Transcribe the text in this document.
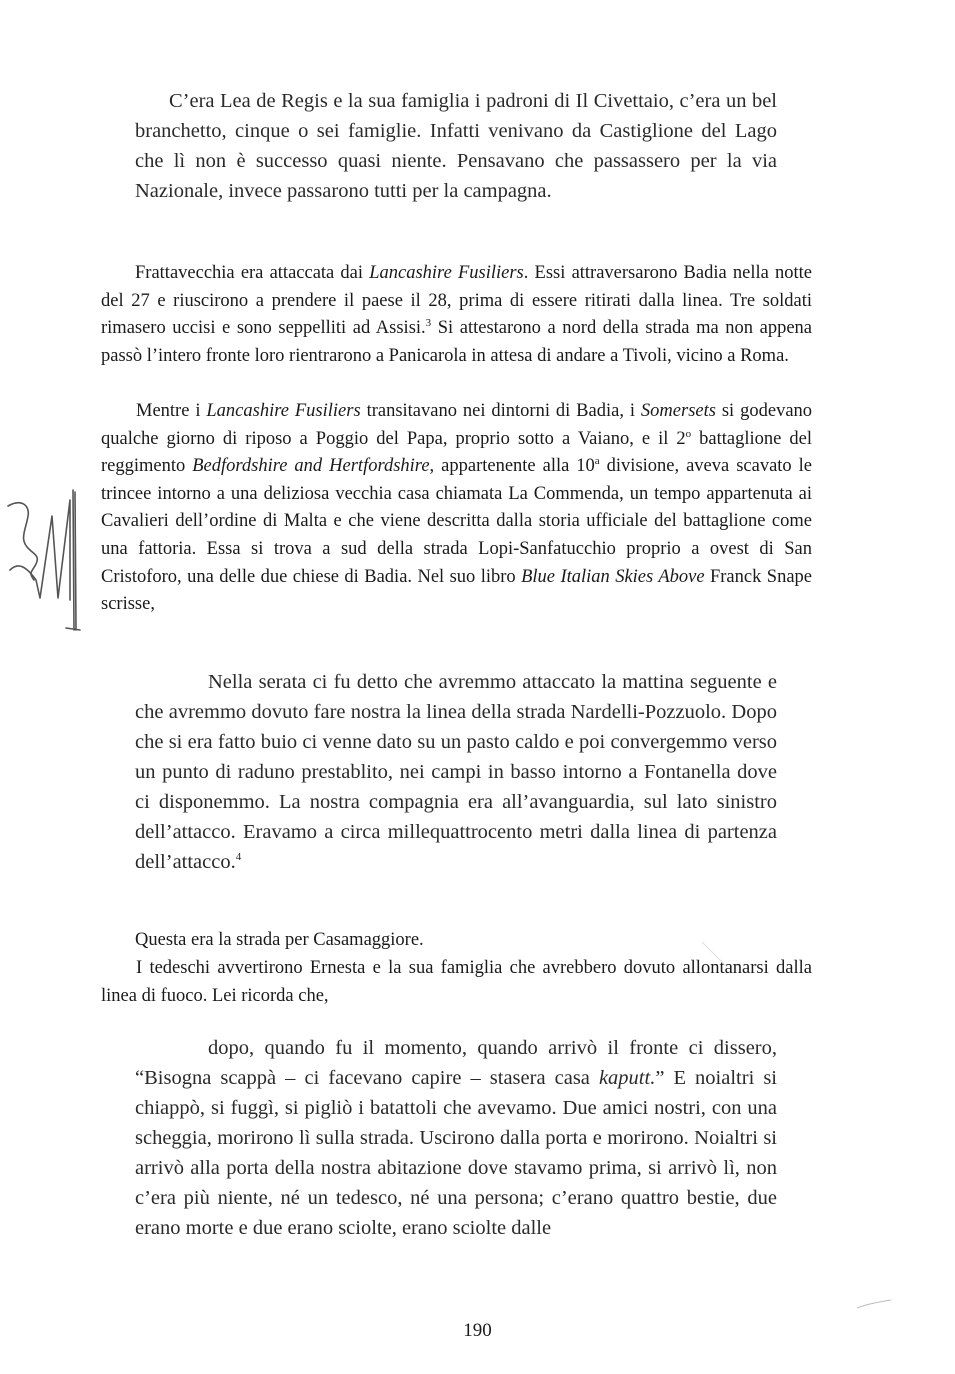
C’era Lea de Regis e la sua famiglia i padroni di Il Civettaio, c’era un bel branchetto, cinque o sei famiglie. Infatti venivano da Castiglione del Lago che lì non è successo quasi niente. Pensavano che passassero per la via Nazionale, invece passarono tutti per la campagna.

Frattavecchia era attaccata dai Lancashire Fusiliers. Essi attraversarono Badia nella notte del 27 e riuscirono a prendere il paese il 28, prima di essere ritirati dalla linea. Tre soldati rimasero uccisi e sono seppelliti ad Assisi.$^3$ Si attestarono a nord della strada ma non appena passò l’intero fronte loro rientrarono a Panicarola in attesa di andare a Tivoli, vicino a Roma.

Mentre i Lancashire Fusiliers transitavano nei dintorni di Badia, i Somersets si godevano qualche giorno di riposo a Poggio del Papa, proprio sotto a Vaiano, e il 2$^o$ battaglione del reggimento Bedfordshire and Hertfordshire, appartenente alla 10$^a$ divisione, aveva scavato le trincee intorno a una deliziosa vecchia casa chiamata La Commenda, un tempo appartenuta ai Cavalieri dell’ordine di Malta e che viene descritta dalla storia ufficiale del battaglione come una fattoria. Essa si trova a sud della strada Lopi-Sanfatucchio proprio a ovest di San Cristoforo, una delle due chiese di Badia. Nel suo libro Blue Italian Skies Above Franck Snape scrisse,

Nella serata ci fu detto che avremmo attaccato la mattina seguente e che avremmo dovuto fare nostra la linea della strada Nardelli-Pozzuolo. Dopo che si era fatto buio ci venne dato su un pasto caldo e poi convergemmo verso un punto di raduno prestablito, nei campi in basso intorno a Fontanella dove ci disponemmo. La nostra compagnia era all’avanguardia, sul lato sinistro dell’attacco. Eravamo a circa millequattrocento metri dalla linea di partenza dell’attacco.$^4$

Questa era la strada per Casamaggiore.

I tedeschi avvertirono Ernesta e la sua famiglia che avrebbero dovuto allontanarsi dalla linea di fuoco. Lei ricorda che,

dopo, quando fu il momento, quando arrivò il fronte ci dissero, “Bisogna scappà – ci facevano capire – stasera casa kaputt.” E noialtri si chiappò, si fuggì, si pigliò i batattoli che avevamo. Due amici nostri, con una scheggia, morirono lì sulla strada. Uscirono dalla porta e morirono. Noialtri si arrivò alla porta della nostra abitazione dove stavamo prima, si arrivò lì, non c’era più niente, né un tedesco, né una persona; c’erano quattro bestie, due erano morte e due erano sciolte, erano sciolte dalle

190
